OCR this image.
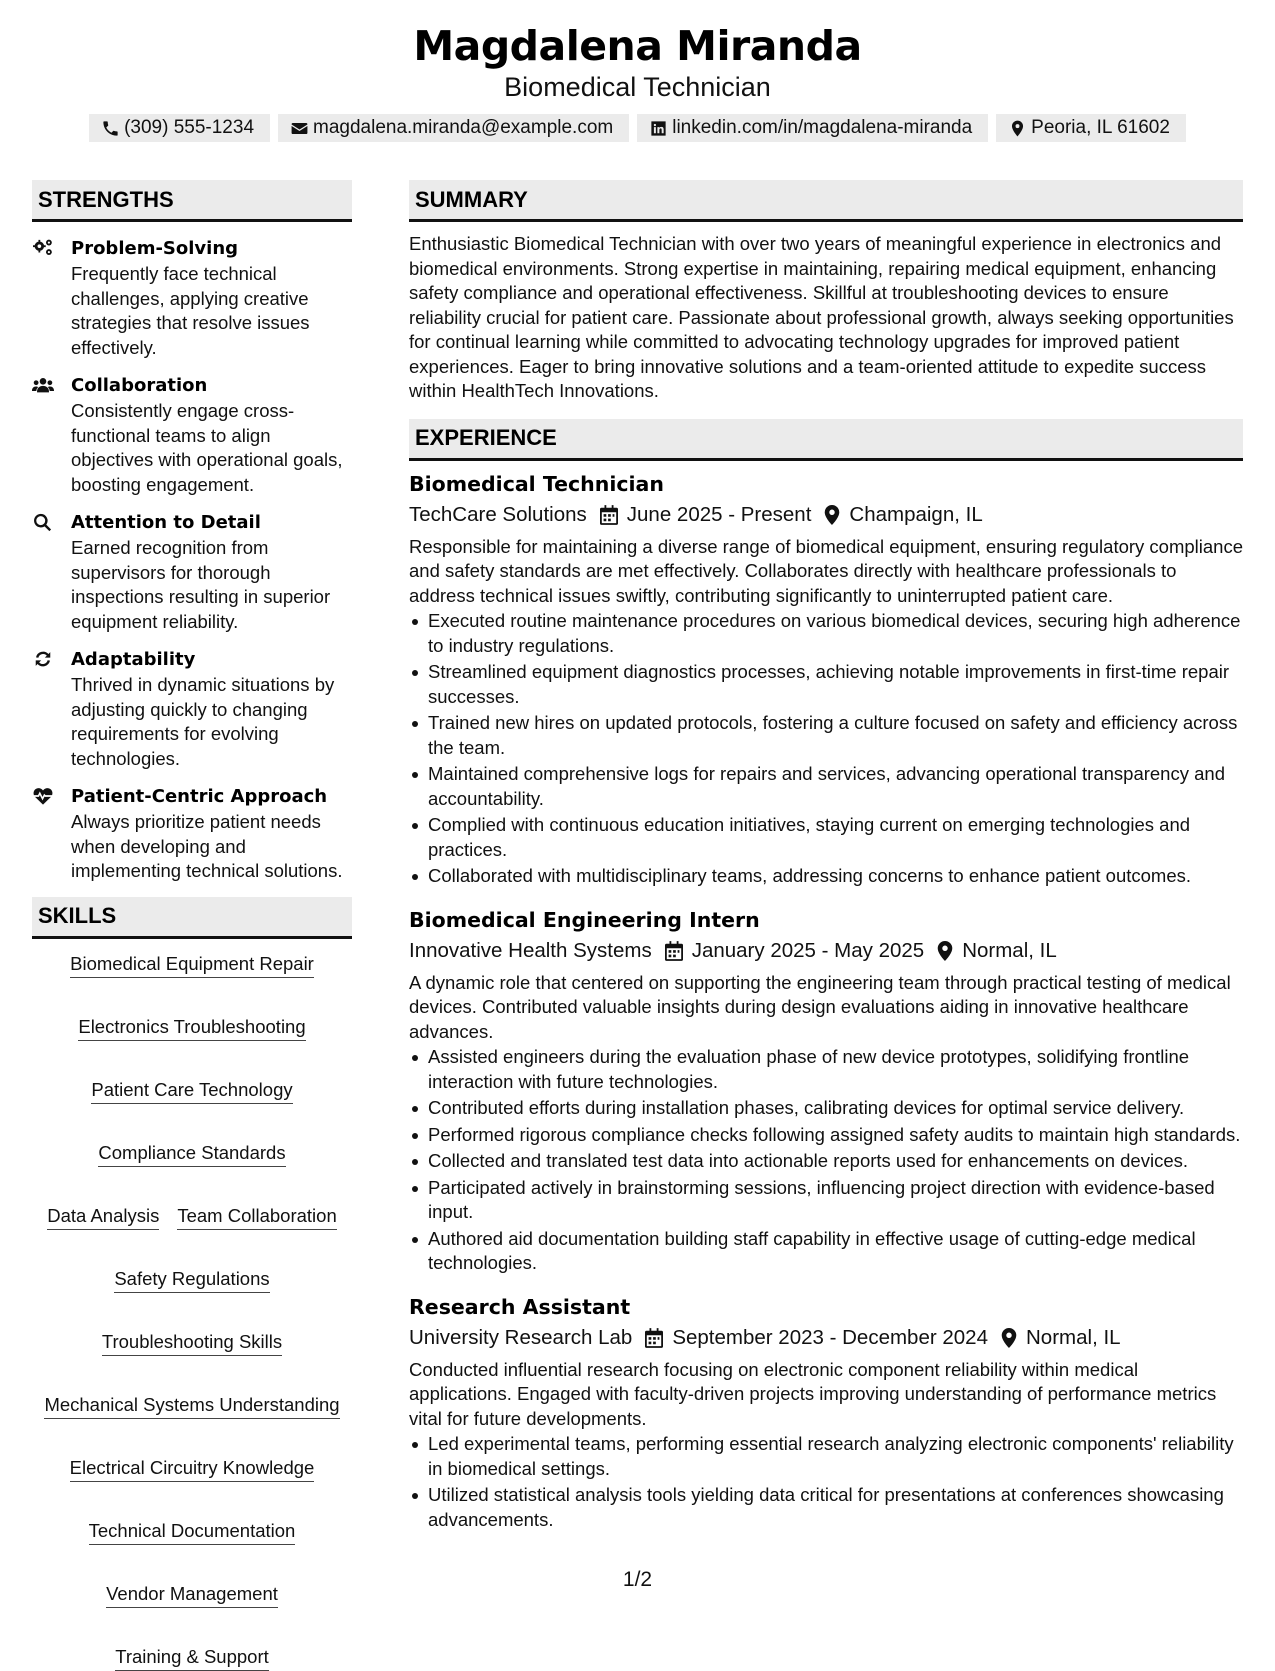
Magdalena Miranda
Biomedical Technician
(309) 555-1234	magdalena.miranda@example.com	linkedin.com/in/magdalena-miranda	Peoria, IL 61602
STRENGTHS
Problem-Solving
Frequently face technical challenges, applying creative strategies that resolve issues effectively.
Collaboration
Consistently engage cross-functional teams to align objectives with operational goals, boosting engagement.
Attention to Detail
Earned recognition from supervisors for thorough inspections resulting in superior equipment reliability.
Adaptability
Thrived in dynamic situations by adjusting quickly to changing requirements for evolving technologies.
Patient-Centric Approach
Always prioritize patient needs when developing and implementing technical solutions.
SKILLS
Biomedical Equipment Repair
Electronics Troubleshooting
Patient Care Technology
Compliance Standards
Data Analysis Team Collaboration
Safety Regulations
Troubleshooting Skills
Mechanical Systems Understanding
Electrical Circuitry Knowledge
Technical Documentation
Vendor Management
Training & Support
SUMMARY
Enthusiastic Biomedical Technician with over two years of meaningful experience in electronics and biomedical environments. Strong expertise in maintaining, repairing medical equipment, enhancing safety compliance and operational effectiveness. Skillful at troubleshooting devices to ensure reliability crucial for patient care. Passionate about professional growth, always seeking opportunities for continual learning while committed to advocating technology upgrades for improved patient experiences. Eager to bring innovative solutions and a team-oriented attitude to expedite success within HealthTech Innovations.
EXPERIENCE
Biomedical Technician
TechCare Solutions June 2025 - Present Champaign, IL
Responsible for maintaining a diverse range of biomedical equipment, ensuring regulatory compliance and safety standards are met effectively. Collaborates directly with healthcare professionals to address technical issues swiftly, contributing significantly to uninterrupted patient care.
Executed routine maintenance procedures on various biomedical devices, securing high adherence to industry regulations.
Streamlined equipment diagnostics processes, achieving notable improvements in first-time repair successes.
Trained new hires on updated protocols, fostering a culture focused on safety and efficiency across the team.
Maintained comprehensive logs for repairs and services, advancing operational transparency and accountability.
Complied with continuous education initiatives, staying current on emerging technologies and practices.
Collaborated with multidisciplinary teams, addressing concerns to enhance patient outcomes.
Biomedical Engineering Intern
Innovative Health Systems January 2025 - May 2025 Normal, IL
A dynamic role that centered on supporting the engineering team through practical testing of medical devices. Contributed valuable insights during design evaluations aiding in innovative healthcare advances.
Assisted engineers during the evaluation phase of new device prototypes, solidifying frontline interaction with future technologies.
Contributed efforts during installation phases, calibrating devices for optimal service delivery.
Performed rigorous compliance checks following assigned safety audits to maintain high standards.
Collected and translated test data into actionable reports used for enhancements on devices.
Participated actively in brainstorming sessions, influencing project direction with evidence-based input.
Authored aid documentation building staff capability in effective usage of cutting-edge medical technologies.
Research Assistant
University Research Lab September 2023 - December 2024 Normal, IL
Conducted influential research focusing on electronic component reliability within medical applications. Engaged with faculty-driven projects improving understanding of performance metrics vital for future developments.
Led experimental teams, performing essential research analyzing electronic components' reliability in biomedical settings.
Utilized statistical analysis tools yielding data critical for presentations at conferences showcasing advancements.
1/2
